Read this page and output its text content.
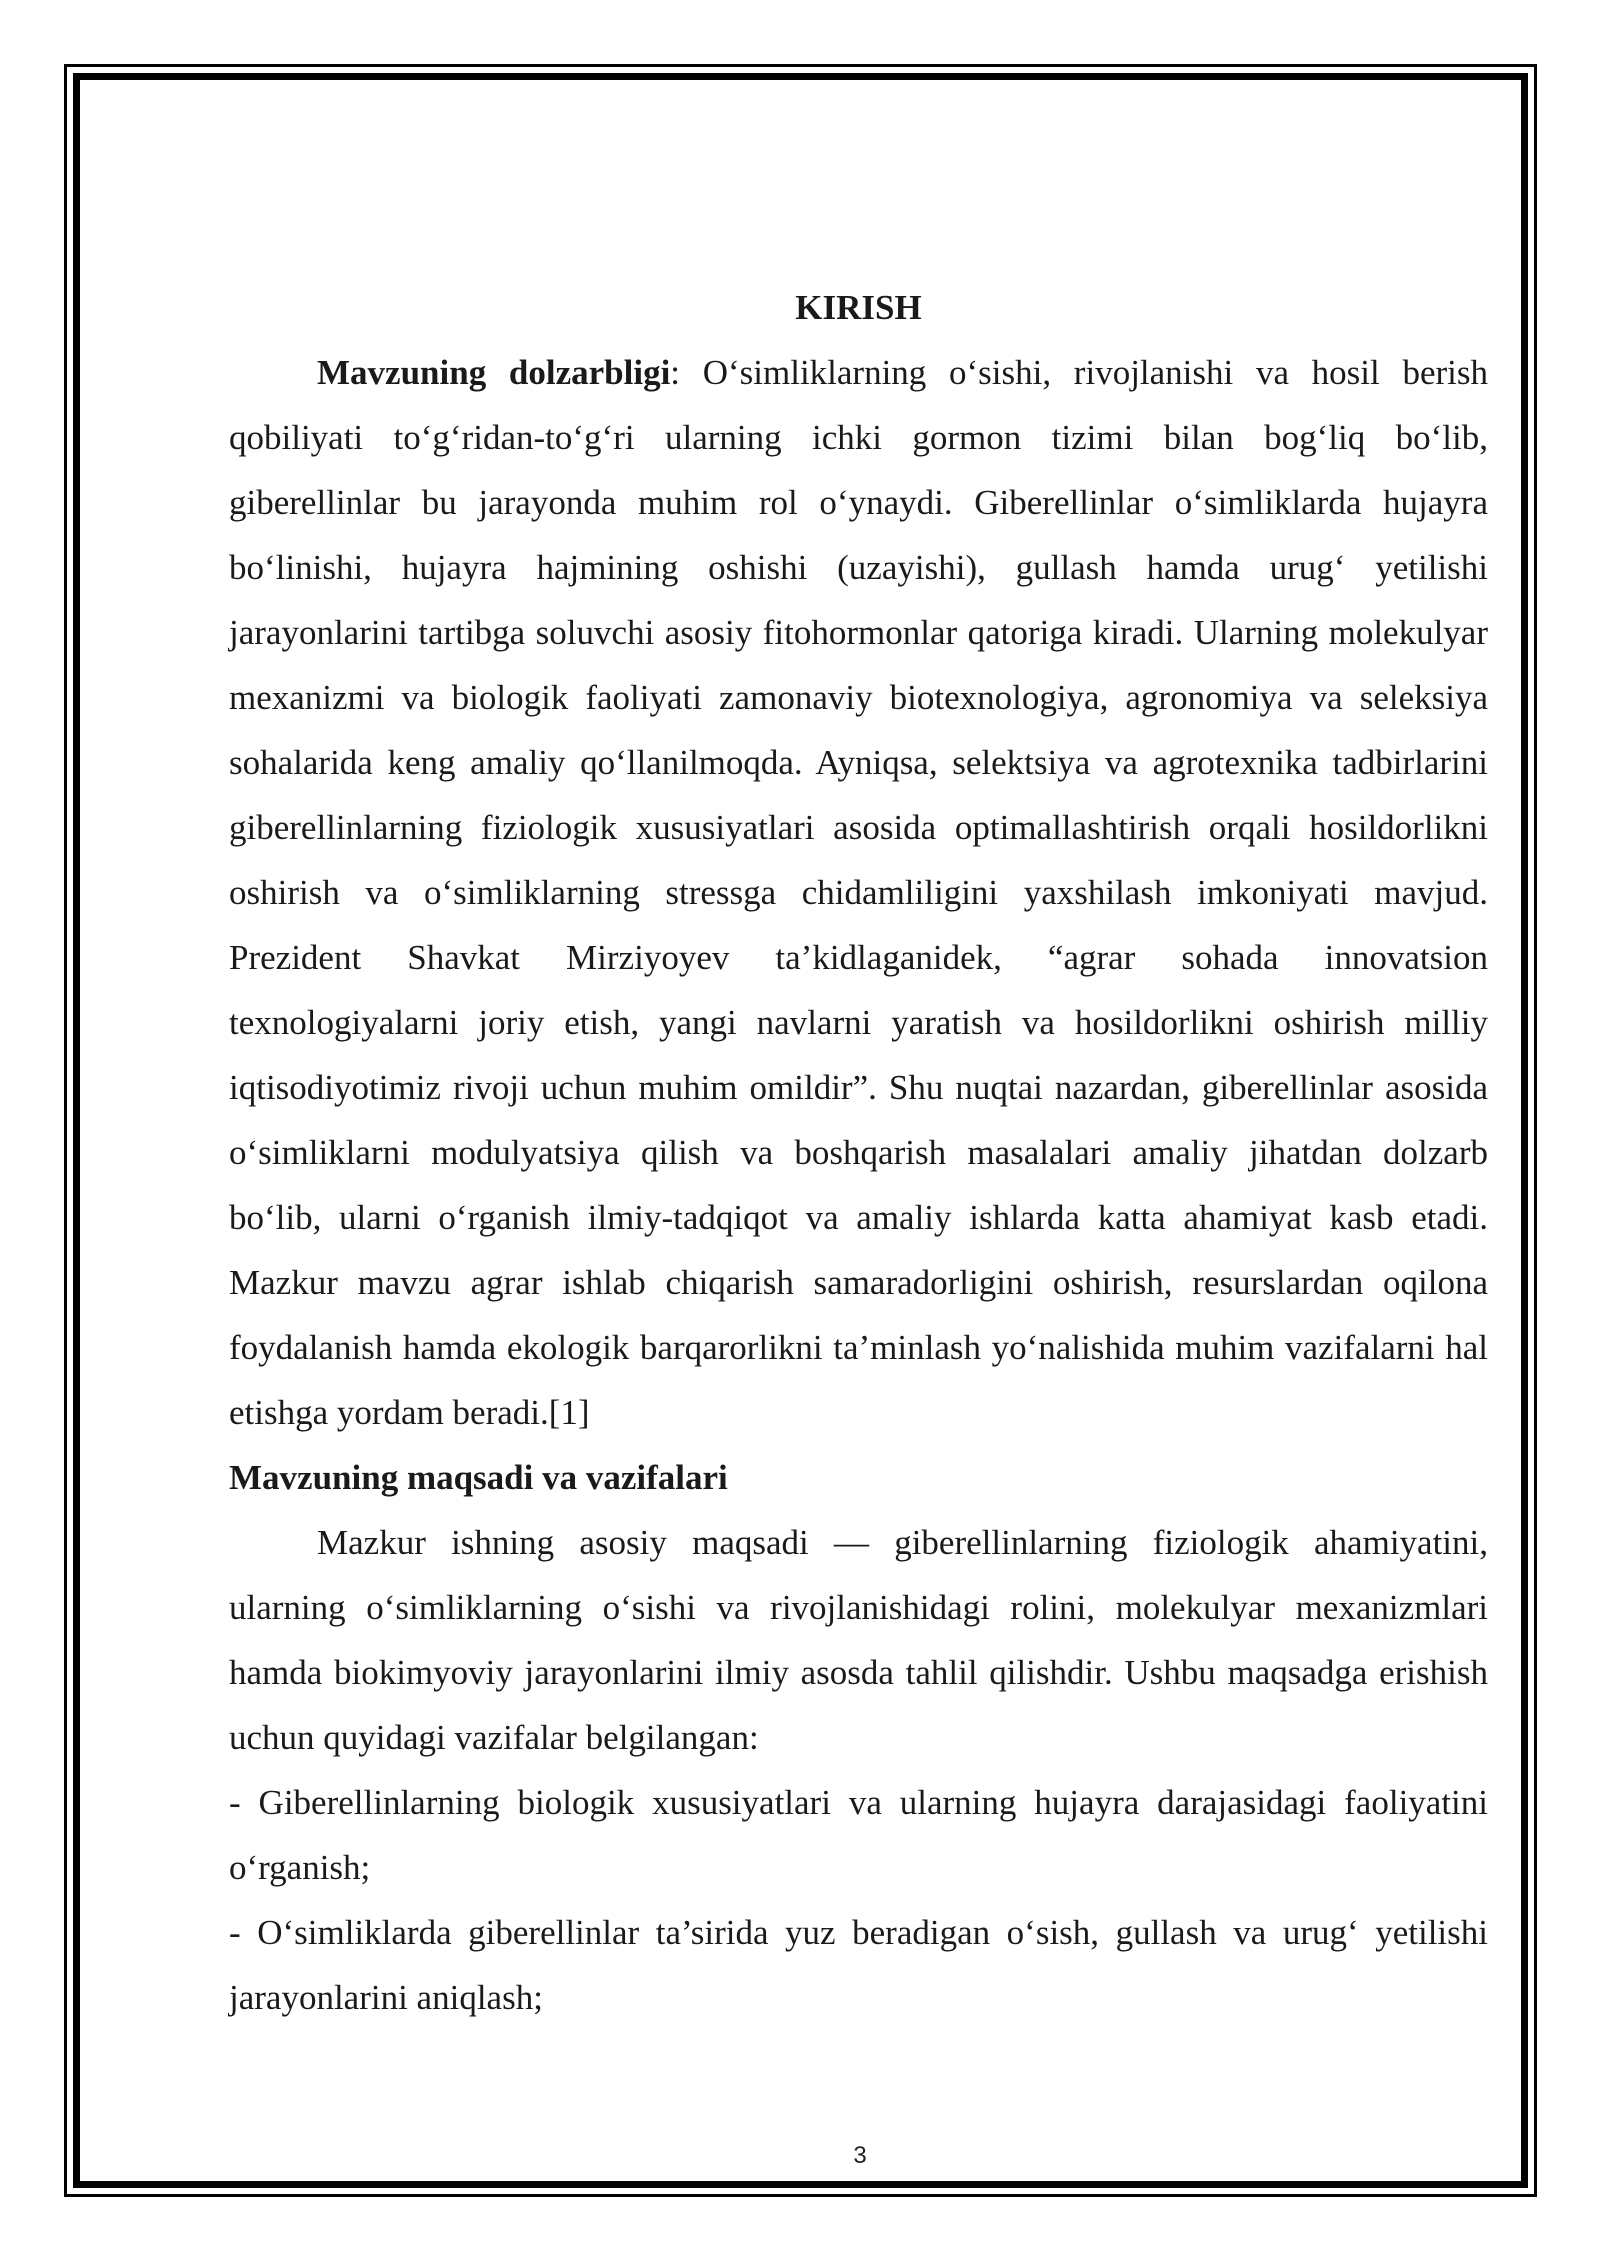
KIRISH

Mavzuning dolzarbligi: O‘simliklarning o‘sishi, rivojlanishi va hosil berish qobiliyati to‘g‘ridan-to‘g‘ri ularning ichki gormon tizimi bilan bog‘liq bo‘lib, giberellinlar bu jarayonda muhim rol o‘ynaydi. Giberellinlar o‘simliklarda hujayra bo‘linishi, hujayra hajmining oshishi (uzayishi), gullash hamda urug‘ yetilishi jarayonlarini tartibga soluvchi asosiy fitohormonlar qatoriga kiradi. Ularning molekulyar mexanizmi va biologik faoliyati zamonaviy biotexnologiya, agronomiya va seleksiya sohalarida keng amaliy qo‘llanilmoqda. Ayniqsa, selektsiya va agrotexnika tadbirlarini giberellinlarning fiziologik xususiyatlari asosida optimallashtirish orqali hosildorlikni oshirish va o‘simliklarning stressga chidamliligini yaxshilash imkoniyati mavjud. Prezident Shavkat Mirziyoyev ta’kidlaganidek, “agrar sohada innovatsion texnologiyalarni joriy etish, yangi navlarni yaratish va hosildorlikni oshirish milliy iqtisodiyotimiz rivoji uchun muhim omildir”. Shu nuqtai nazardan, giberellinlar asosida o‘simliklarni modulyatsiya qilish va boshqarish masalalari amaliy jihatdan dolzarb bo‘lib, ularni o‘rganish ilmiy-tadqiqot va amaliy ishlarda katta ahamiyat kasb etadi. Mazkur mavzu agrar ishlab chiqarish samaradorligini oshirish, resurslardan oqilona foydalanish hamda ekologik barqarorlikni ta’minlash yo‘nalishida muhim vazifalarni hal etishga yordam beradi.[1]

Mavzuning maqsadi va vazifalari

Mazkur ishning asosiy maqsadi — giberellinlarning fiziologik ahamiyatini, ularning o‘simliklarning o‘sishi va rivojlanishidagi rolini, molekulyar mexanizmlari hamda biokimyoviy jarayonlarini ilmiy asosda tahlil qilishdir. Ushbu maqsadga erishish uchun quyidagi vazifalar belgilangan:

- Giberellinlarning biologik xususiyatlari va ularning hujayra darajasidagi faoliyatini o‘rganish;

- O‘simliklarda giberellinlar ta’sirida yuz beradigan o‘sish, gullash va urug‘ yetilishi jarayonlarini aniqlash;

3
